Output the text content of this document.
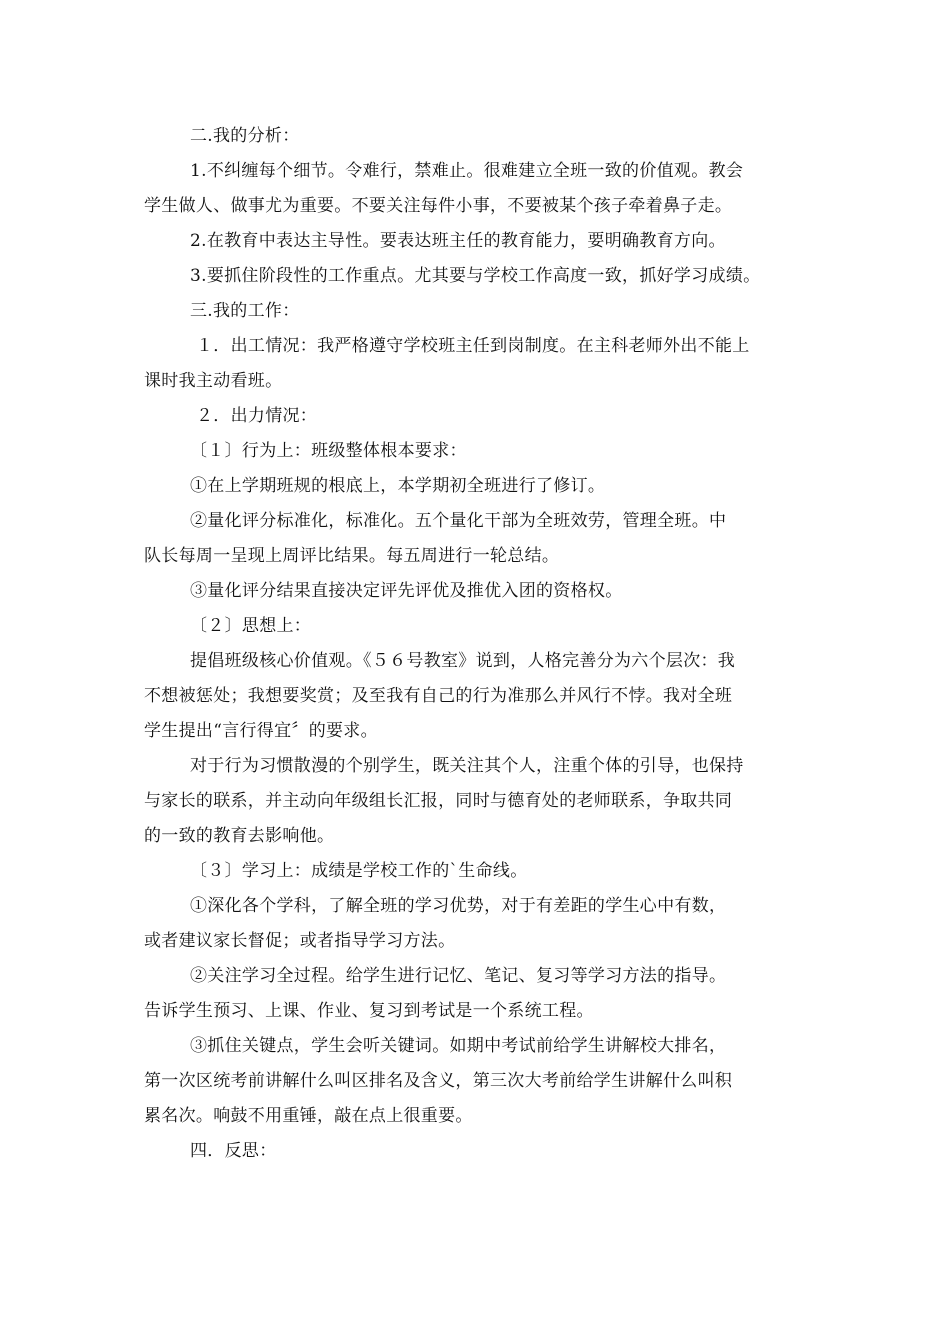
二.我的分析：
1.不纠缠每个细节。令难行，禁难止。很难建立全班一致的价值观。教会
学生做人、做事尤为重要。不要关注每件小事，不要被某个孩子牵着鼻子走。
2.在教育中表达主导性。要表达班主任的教育能力，要明确教育方向。
3.要抓住阶段性的工作重点。尤其要与学校工作高度一致，抓好学习成绩。
三.我的工作：
１．出工情况：我严格遵守学校班主任到岗制度。在主科老师外出不能上
课时我主动看班。
２．出力情况：
〔１〕行为上：班级整体根本要求：
①在上学期班规的根底上，本学期初全班进行了修订。
②量化评分标准化，标准化。五个量化干部为全班效劳，管理全班。中
队长每周一呈现上周评比结果。每五周进行一轮总结。
③量化评分结果直接决定评先评优及推优入团的资格权。
〔２〕思想上：
提倡班级核心价值观。《５６号教室》说到，人格完善分为六个层次：我
不想被惩处；我想要奖赏；及至我有自己的行为准那么并风行不悖。我对全班
学生提出“言行得宜〞的要求。
对于行为习惯散漫的个别学生，既关注其个人，注重个体的引导，也保持
与家长的联系，并主动向年级组长汇报，同时与德育处的老师联系，争取共同
的一致的教育去影响他。
〔３〕学习上：成绩是学校工作的`生命线。
①深化各个学科，了解全班的学习优势，对于有差距的学生心中有数，
或者建议家长督促；或者指导学习方法。
②关注学习全过程。给学生进行记忆、笔记、复习等学习方法的指导。
告诉学生预习、上课、作业、复习到考试是一个系统工程。
③抓住关键点，学生会听关键词。如期中考试前给学生讲解校大排名，
第一次区统考前讲解什么叫区排名及含义，第三次大考前给学生讲解什么叫积
累名次。响鼓不用重锤，敲在点上很重要。
四．反思：
